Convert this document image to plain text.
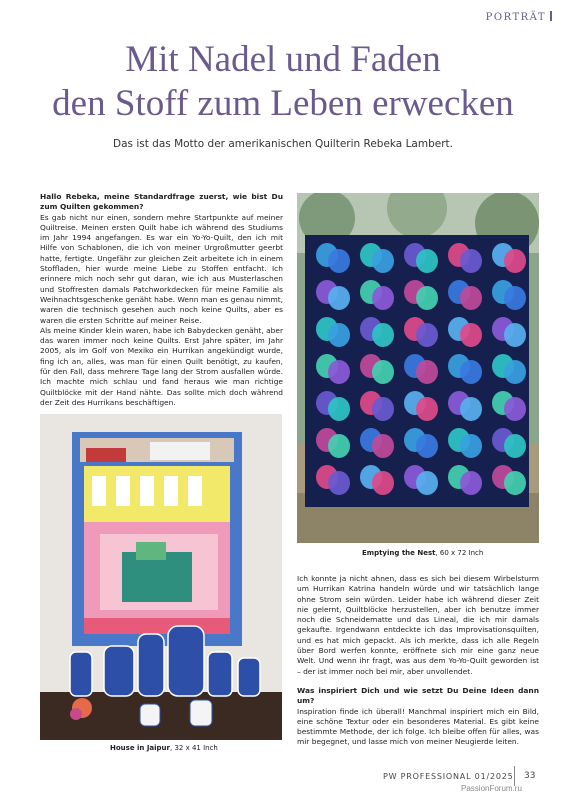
PORTRÄT
Mit Nadel und Faden
den Stoff zum Leben erwecken
Das ist das Motto der amerikanischen Quilterin Rebeka Lambert.

Hallo Rebeka, meine Standardfrage zuerst, wie bist Du zum Quilten gekommen?

Es gab nicht nur einen, sondern mehre Startpunkte auf meiner Quiltreise. Meinen ersten Quilt habe ich während des Studiums im Jahr 1994 angefangen. Es war ein Yo-Yo-Quilt, den ich mit Hilfe von Schablonen, die ich von meiner Urgroßmutter geerbt hatte, fertigte. Ungefähr zur gleichen Zeit arbeitete ich in einem Stoffladen, hier wurde meine Liebe zu Stoffen entfacht. Ich erinnere mich noch sehr gut daran, wie ich aus Musterlaschen und Stoffresten damals Patchworkdecken für meine Familie als Weihnachtsgeschenke genäht habe. Wenn man es genau nimmt, waren die technisch gesehen auch noch keine Quilts, aber es waren die ersten Schritte auf meiner Reise.

Als meine Kinder klein waren, habe ich Babydecken genäht, aber das waren immer noch keine Quilts. Erst Jahre später, im Jahr 2005, als im Golf von Mexiko ein Hurrikan angekündigt wurde, fing ich an, alles, was man für einen Quilt benötigt, zu kaufen, für den Fall, dass mehrere Tage lang der Strom ausfallen würde. Ich machte mich schlau und fand heraus wie man richtige Quiltblöcke mit der Hand nähte. Das sollte mich doch während der Zeit des Hurrikans beschäftigen.

Emptying the Nest, 60 x 72 Inch
House in Jaipur, 32 x 41 Inch

Ich konnte ja nicht ahnen, dass es sich bei diesem Wirbelsturm um Hurrikan Katrina handeln würde und wir tatsächlich lange ohne Strom sein würden. Leider habe ich während dieser Zeit nie gelernt, Quiltblöcke herzustellen, aber ich benutze immer noch die Schneidematte und das Lineal, die ich mir damals gekaufte. Irgendwann entdeckte ich das Improvisationsquilten, und es hat mich gepackt. Als ich merkte, dass ich alle Regeln über Bord werfen konnte, eröffnete sich mir eine ganz neue Welt. Und wenn ihr fragt, was aus dem Yo-Yo-Quilt geworden ist – der ist immer noch bei mir, aber unvollendet.

Was inspiriert Dich und wie setzt Du Deine Ideen dann um?

Inspiration finde ich überall! Manchmal inspiriert mich ein Bild, eine schöne Textur oder ein besonderes Material. Es gibt keine bestimmte Methode, der ich folge. Ich bleibe offen für alles, was mir begegnet, und lasse mich von meiner Neugierde leiten.

PW PROFESSIONAL 01/2025 33
PassionForum.ru
